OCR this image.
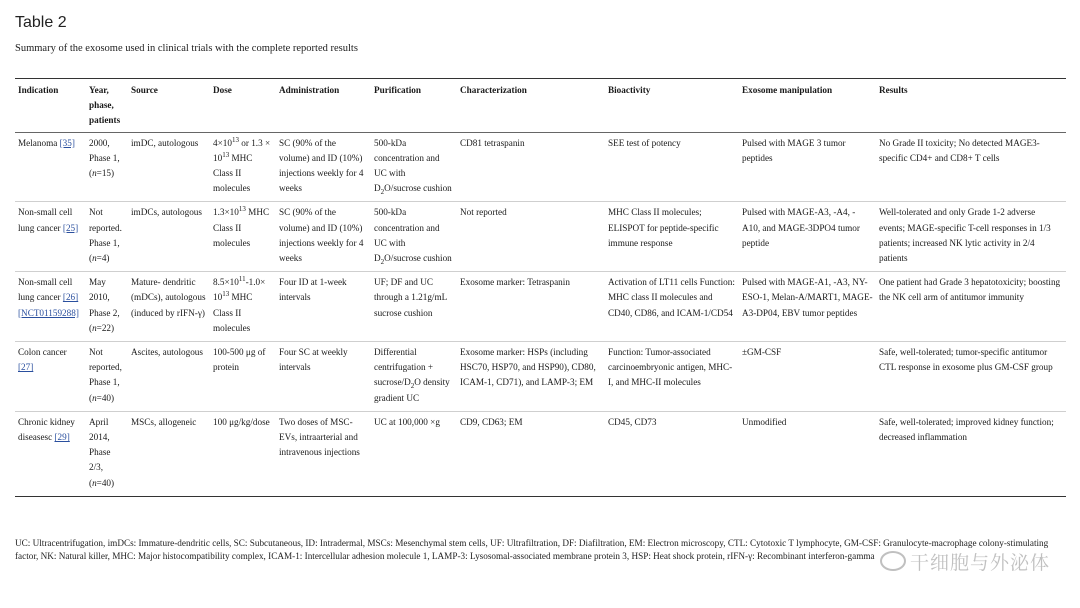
Table 2
Summary of the exosome used in clinical trials with the complete reported results
Indication	Year, phase, patients	Source	Dose	Administration	Purification	Characterization	Bioactivity	Exosome manipulation	Results
Melanoma [35]	2000, Phase 1, (n=15)	imDC, autologous	$4\times 10^{13}$ or $1.3 \times 10^{13}$ MHC Class II molecules	SC (90% of the volume) and ID (10%) injections weekly for 4 weeks	500-kDa concentration and UC with $D_2O$/sucrose cushion	CD81 tetraspanin	SEE test of potency	Pulsed with MAGE 3 tumor peptides	No Grade II toxicity; No detected MAGE3-specific CD4+ and CD8+ T cells
Non-small cell lung cancer [25]	Not reported. Phase 1, (n=4)	imDCs, autologous	$1.3\times 10^{13}$ MHC Class II molecules	SC (90% of the volume) and ID (10%) injections weekly for 4 weeks	500-kDa concentration and UC with $D_2O$/sucrose cushion	Not reported	MHC Class II molecules; ELISPOT for peptide-specific immune response	Pulsed with MAGE-A3, -A4, -A10, and MAGE-3DPO4 tumor peptide	Well-tolerated and only Grade 1-2 adverse events; MAGE-specific T-cell responses in 1/3 patients; increased NK lytic activity in 2/4 patients
Non-small cell lung cancer [26] [NCT01159288]	May 2010, Phase 2, (n=22)	Mature- dendritic (mDCs), autologous (induced by rIFN-γ)	$8.5\times 10^{11}-1.0\times 10^{13}$ MHC Class II molecules	Four ID at 1-week intervals	UF; DF and UC through a 1.21g/mL sucrose cushion	Exosome marker: Tetraspanin	Activation of LT11 cells Function: MHC class II molecules and CD40, CD86, and ICAM-1/CD54	Pulsed with MAGE-A1, -A3, NY-ESO-1, Melan-A/MART1, MAGE-A3-DP04, EBV tumor peptides	One patient had Grade 3 hepatotoxicity; boosting the NK cell arm of antitumor immunity
Colon cancer [27]	Not reported, Phase 1, (n=40)	Ascites, autologous	100-500 μg of protein	Four SC at weekly intervals	Differential centrifugation + sucrose/$D_2O$ density gradient UC	Exosome marker: HSPs (including HSC70, HSP70, and HSP90), CD80, ICAM-1, CD71), and LAMP-3; EM	Function: Tumor-associated carcinoembryonic antigen, MHC-I, and MHC-II molecules	±GM-CSF	Safe, well-tolerated; tumor-specific antitumor CTL response in exosome plus GM-CSF group
Chronic kidney diseasesc [29]	April 2014, Phase 2/3, (n=40)	MSCs, allogeneic	100 μg/kg/dose	Two doses of MSC-EVs, intraarterial and intravenous injections	UC at 100,000 ×g	CD9, CD63; EM	CD45, CD73	Unmodified	Safe, well-tolerated; improved kidney function; decreased inflammation
UC: Ultracentrifugation, imDCs: Immature-dendritic cells, SC: Subcutaneous, ID: Intradermal, MSCs: Mesenchymal stem cells, UF: Ultrafiltration, DF: Diafiltration, EM: Electron microscopy, CTL: Cytotoxic T lymphocyte, GM-CSF: Granulocyte-macrophage colony-stimulating factor, NK: Natural killer, MHC: Major histocompatibility complex, ICAM-1: Intercellular adhesion molecule 1, LAMP-3: Lysosomal-associated membrane protein 3, HSP: Heat shock protein, rIFN-γ: Recombinant interferon-gamma	干细胞与外泌体
